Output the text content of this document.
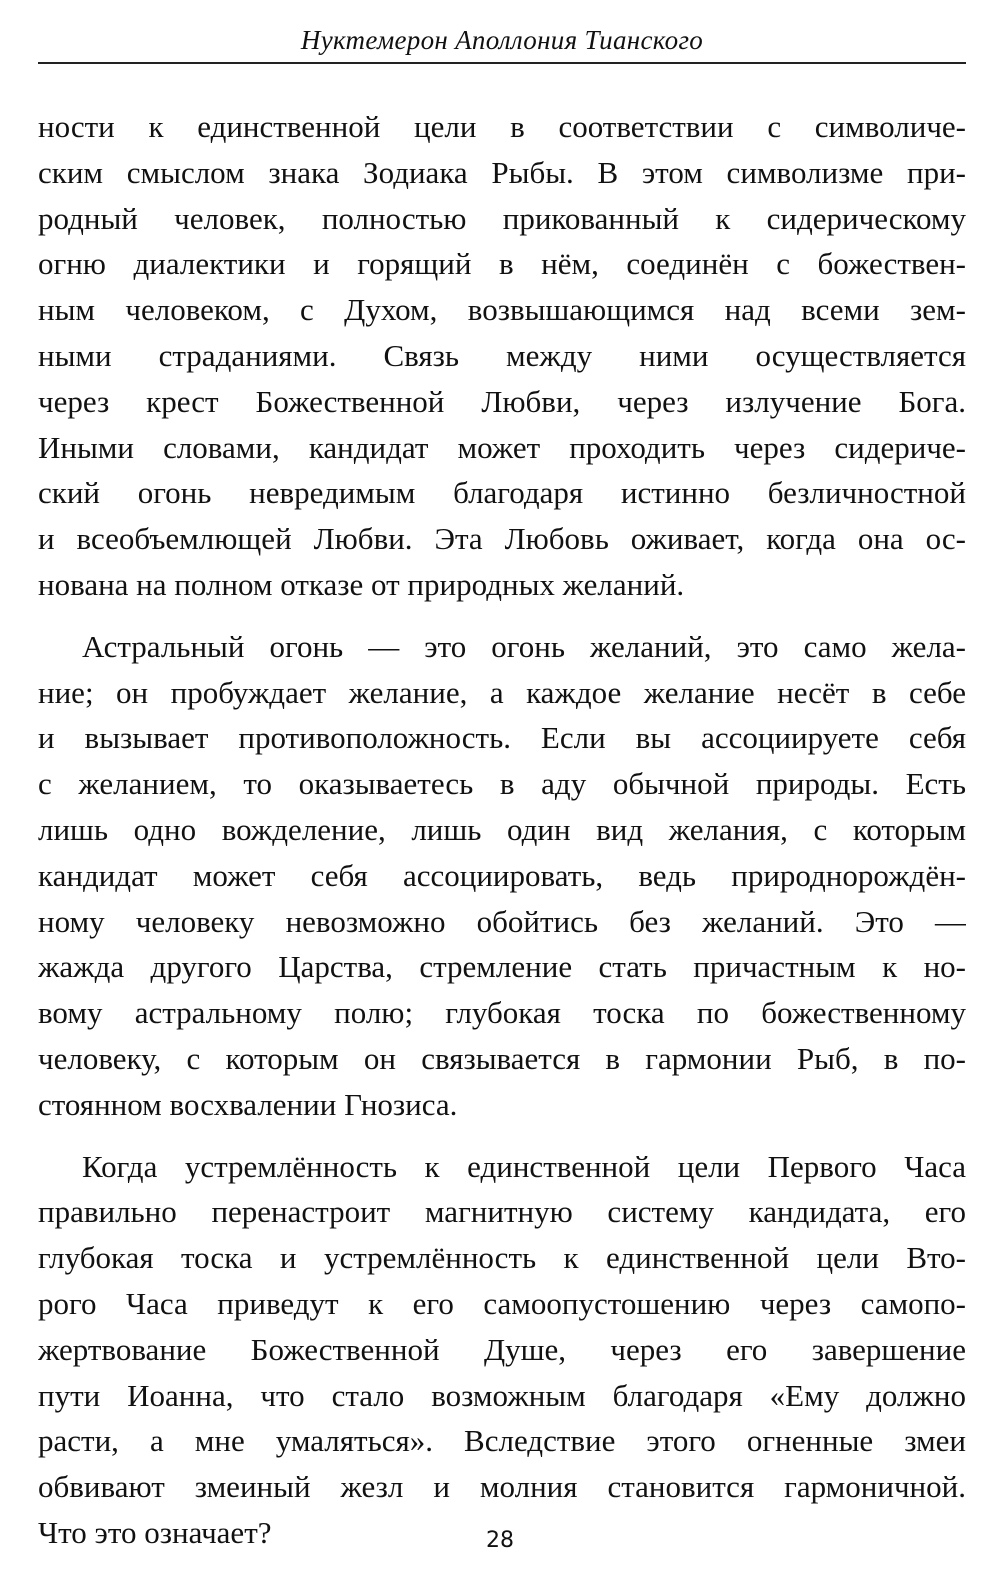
Нуктемерон Аполлония Тианского
ности к единственной цели в соответствии с символиче-
ским смыслом знака Зодиака Рыбы. В этом символизме при-
родный человек, полностью прикованный к сидерическому
огню диалектики и горящий в нём, соединён с божествен-
ным человеком, с Духом, возвышающимся над всеми зем-
ными страданиями. Связь между ними осуществляется
через крест Божественной Любви, через излучение Бога.
Иными словами, кандидат может проходить через сидериче-
ский огонь невредимым благодаря истинно безличностной
и всеобъемлющей Любви. Эта Любовь оживает, когда она ос-
нована на полном отказе от природных желаний.
Астральный огонь — это огонь желаний, это само жела-
ние; он пробуждает желание, а каждое желание несёт в себе
и вызывает противоположность. Если вы ассоциируете себя
с желанием, то оказываетесь в аду обычной природы. Есть
лишь одно вожделение, лишь один вид желания, с которым
кандидат может себя ассоциировать, ведь природнорождён-
ному человеку невозможно обойтись без желаний. Это —
жажда другого Царства, стремление стать причастным к но-
вому астральному полю; глубокая тоска по божественному
человеку, с которым он связывается в гармонии Рыб, в по-
стоянном восхвалении Гнозиса.
Когда устремлённость к единственной цели Первого Часа
правильно перенастроит магнитную систему кандидата, его
глубокая тоска и устремлённость к единственной цели Вто-
рого Часа приведут к его самоопустошению через самопо-
жертвование Божественной Душе, через его завершение
пути Иоанна, что стало возможным благодаря «Ему должно
расти, а мне умаляться». Вследствие этого огненные змеи
обвивают змеиный жезл и молния становится гармоничной.
Что это означает?	28
